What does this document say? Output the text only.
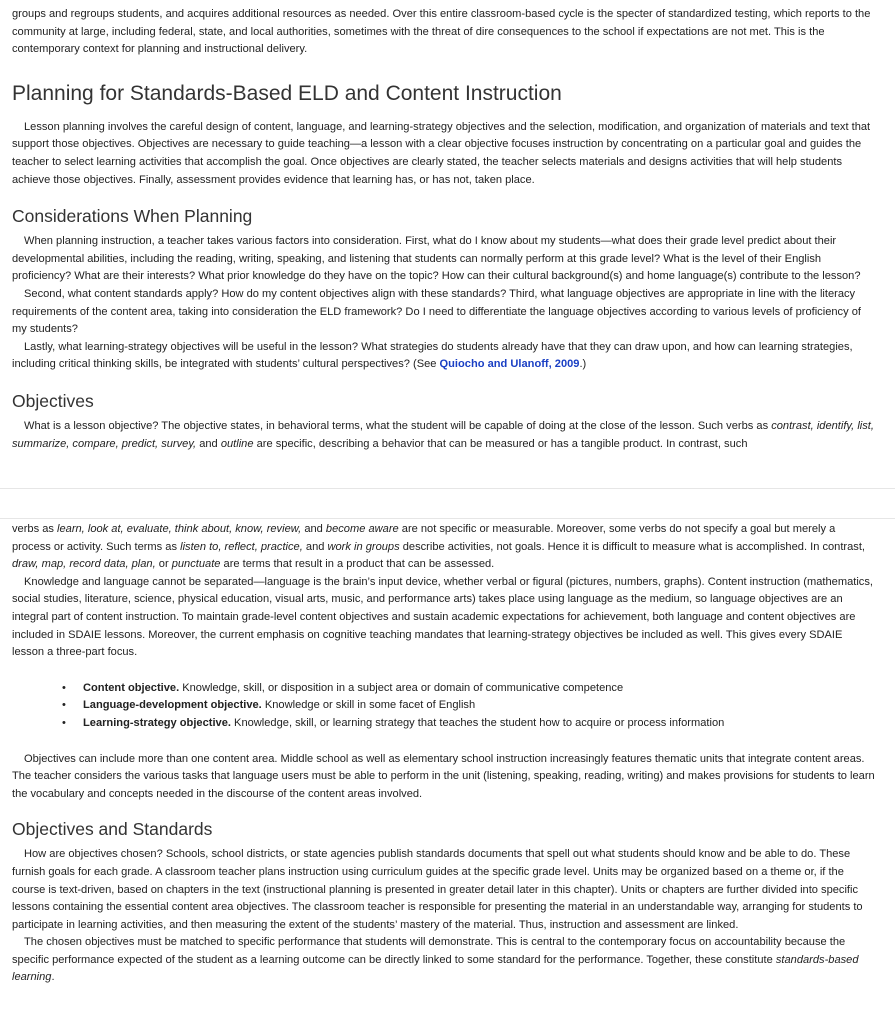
groups and regroups students, and acquires additional resources as needed. Over this entire classroom-based cycle is the specter of standardized testing, which reports to the community at large, including federal, state, and local authorities, sometimes with the threat of dire consequences to the school if expectations are not met. This is the contemporary context for planning and instructional delivery.

Planning for Standards-Based ELD and Content Instruction

Lesson planning involves the careful design of content, language, and learning-strategy objectives and the selection, modification, and organization of materials and text that support those objectives. Objectives are necessary to guide teaching—a lesson with a clear objective focuses instruction by concentrating on a particular goal and guides the teacher to select learning activities that accomplish the goal. Once objectives are clearly stated, the teacher selects materials and designs activities that will help students achieve those objectives. Finally, assessment provides evidence that learning has, or has not, taken place.

Considerations When Planning

When planning instruction, a teacher takes various factors into consideration. First, what do I know about my students—what does their grade level predict about their developmental abilities, including the reading, writing, speaking, and listening that students can normally perform at this grade level? What is the level of their English proficiency? What are their interests? What prior knowledge do they have on the topic? How can their cultural background(s) and home language(s) contribute to the lesson?

Second, what content standards apply? How do my content objectives align with these standards? Third, what language objectives are appropriate in line with the literacy requirements of the content area, taking into consideration the ELD framework? Do I need to differentiate the language objectives according to various levels of proficiency of my students?

Lastly, what learning-strategy objectives will be useful in the lesson? What strategies do students already have that they can draw upon, and how can learning strategies, including critical thinking skills, be integrated with students’ cultural perspectives? (See Quiocho and Ulanoff, 2009.)

Objectives

What is a lesson objective? The objective states, in behavioral terms, what the student will be capable of doing at the close of the lesson. Such verbs as contrast, identify, list, summarize, compare, predict, survey, and outline are specific, describing a behavior that can be measured or has a tangible product. In contrast, such

verbs as learn, look at, evaluate, think about, know, review, and become aware are not specific or measurable. Moreover, some verbs do not specify a goal but merely a process or activity. Such terms as listen to, reflect, practice, and work in groups describe activities, not goals. Hence it is difficult to measure what is accomplished. In contrast, draw, map, record data, plan, or punctuate are terms that result in a product that can be assessed.

Knowledge and language cannot be separated—language is the brain’s input device, whether verbal or figural (pictures, numbers, graphs). Content instruction (mathematics, social studies, literature, science, physical education, visual arts, music, and performance arts) takes place using language as the medium, so language objectives are an integral part of content instruction. To maintain grade-level content objectives and sustain academic expectations for achievement, both language and content objectives are included in SDAIE lessons. Moreover, the current emphasis on cognitive teaching mandates that learning-strategy objectives be included as well. This gives every SDAIE lesson a three-part focus.

• Content objective. Knowledge, skill, or disposition in a subject area or domain of communicative competence
• Language-development objective. Knowledge or skill in some facet of English
• Learning-strategy objective. Knowledge, skill, or learning strategy that teaches the student how to acquire or process information

Objectives can include more than one content area. Middle school as well as elementary school instruction increasingly features thematic units that integrate content areas. The teacher considers the various tasks that language users must be able to perform in the unit (listening, speaking, reading, writing) and makes provisions for students to learn the vocabulary and concepts needed in the discourse of the content areas involved.

Objectives and Standards

How are objectives chosen? Schools, school districts, or state agencies publish standards documents that spell out what students should know and be able to do. These furnish goals for each grade. A classroom teacher plans instruction using curriculum guides at the specific grade level. Units may be organized based on a theme or, if the course is text-driven, based on chapters in the text (instructional planning is presented in greater detail later in this chapter). Units or chapters are further divided into specific lessons containing the essential content area objectives. The classroom teacher is responsible for presenting the material in an understandable way, arranging for students to participate in learning activities, and then measuring the extent of the students’ mastery of the material. Thus, instruction and assessment are linked.

The chosen objectives must be matched to specific performance that students will demonstrate. This is central to the contemporary focus on accountability because the specific performance expected of the student as a learning outcome can be directly linked to some standard for the performance. Together, these constitute standards-based learning.
